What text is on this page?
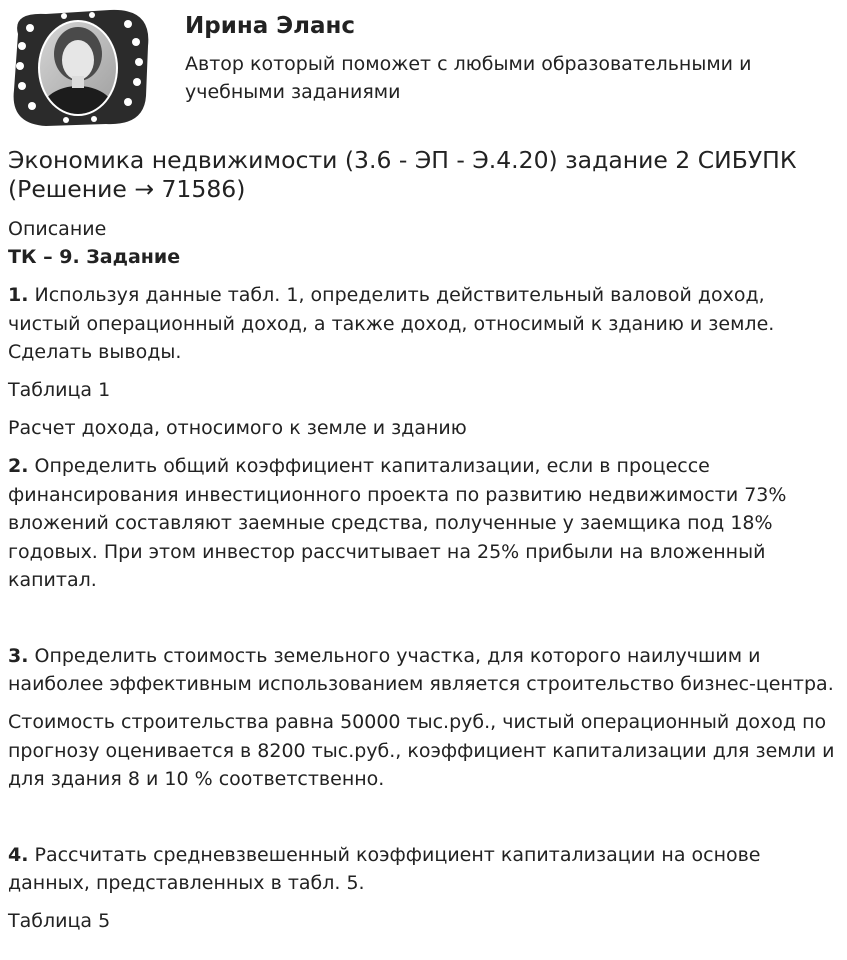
Ирина Эланс
Автор который поможет с любыми образовательными и учебными заданиями
Экономика недвижимости (3.6 - ЭП - Э.4.20) задание 2 СИБУПК (Решение → 71586)
Описание
ТК – 9. Задание

1. Используя данные табл. 1, определить действительный валовой доход, чистый операционный доход, а также доход, относимый к зданию и земле. Сделать выводы.

Таблица 1

Расчет дохода, относимого к земле и зданию

2. Определить общий коэффициент капитализации, если в процессе финансирования инвестиционного проекта по развитию недвижимости 73% вложений составляют заемные средства, полученные у заемщика под 18% годовых. При этом инвестор рассчитывает на 25% прибыли на вложенный капитал.

3. Определить стоимость земельного участка, для которого наилучшим и наиболее эффективным использованием является строительство бизнес-центра.

Стоимость строительства равна 50000 тыс.руб., чистый операционный доход по прогнозу оценивается в 8200 тыс.руб., коэффициент капитализации для земли и для здания 8 и 10 % соответственно.

4. Рассчитать средневзвешенный коэффициент капитализации на основе данных, представленных в табл. 5.

Таблица 5
